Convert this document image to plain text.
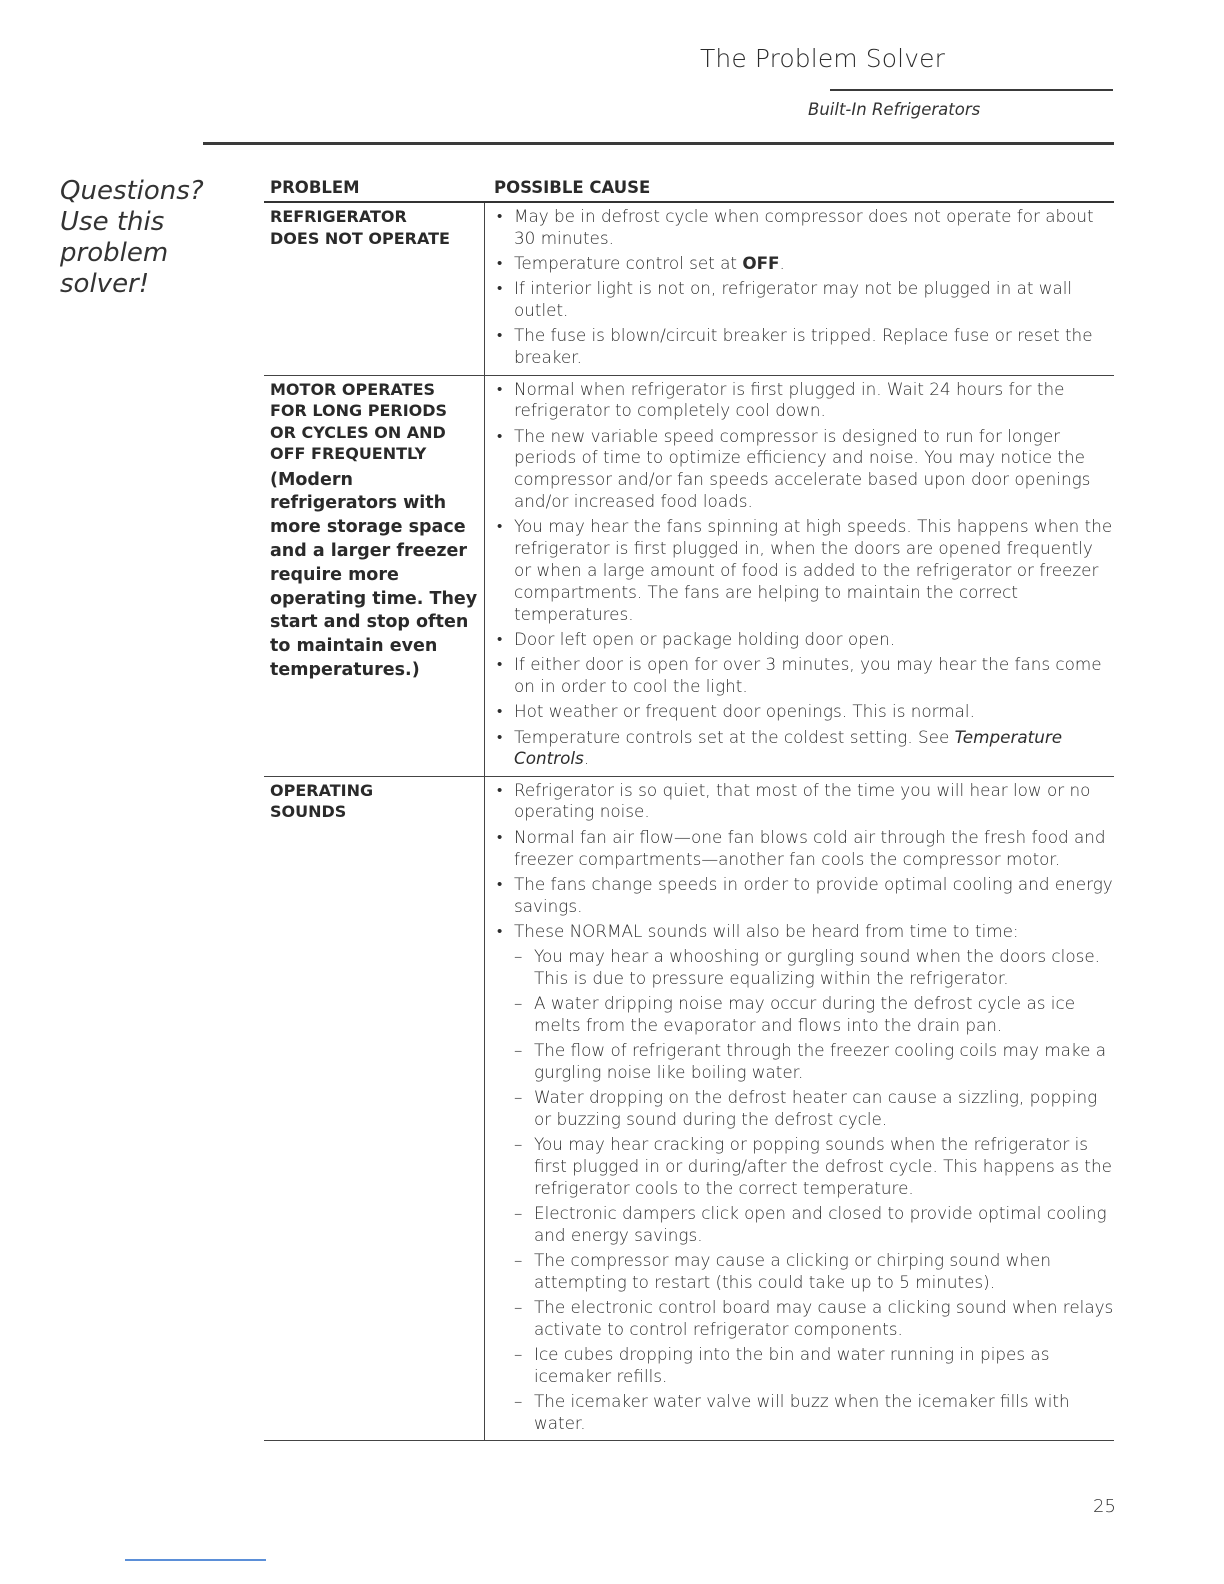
The Problem Solver
Built-In Refrigerators
Questions?
Use this
problem
solver!
PROBLEM	POSSIBLE CAUSE
REFRIGERATOR
DOES NOT OPERATE
• May be in defrost cycle when compressor does not operate for about 30 minutes.
• Temperature control set at OFF.
• If interior light is not on, refrigerator may not be plugged in at wall outlet.
• The fuse is blown/circuit breaker is tripped. Replace fuse or reset the breaker.
MOTOR OPERATES
FOR LONG PERIODS
OR CYCLES ON AND
OFF FREQUENTLY
(Modern refrigerators with more storage space and a larger freezer require more operating time. They start and stop often to maintain even temperatures.)
• Normal when refrigerator is first plugged in. Wait 24 hours for the refrigerator to completely cool down.
• The new variable speed compressor is designed to run for longer periods of time to optimize efficiency and noise. You may notice the compressor and/or fan speeds accelerate based upon door openings and/or increased food loads.
• You may hear the fans spinning at high speeds. This happens when the refrigerator is first plugged in, when the doors are opened frequently or when a large amount of food is added to the refrigerator or freezer compartments. The fans are helping to maintain the correct temperatures.
• Door left open or package holding door open.
• If either door is open for over 3 minutes, you may hear the fans come on in order to cool the light.
• Hot weather or frequent door openings. This is normal.
• Temperature controls set at the coldest setting. See Temperature Controls.
OPERATING
SOUNDS
• Refrigerator is so quiet, that most of the time you will hear low or no operating noise.
• Normal fan air flow—one fan blows cold air through the fresh food and freezer compartments—another fan cools the compressor motor.
• The fans change speeds in order to provide optimal cooling and energy savings.
• These NORMAL sounds will also be heard from time to time:
– You may hear a whooshing or gurgling sound when the doors close. This is due to pressure equalizing within the refrigerator.
– A water dripping noise may occur during the defrost cycle as ice melts from the evaporator and flows into the drain pan.
– The flow of refrigerant through the freezer cooling coils may make a gurgling noise like boiling water.
– Water dropping on the defrost heater can cause a sizzling, popping or buzzing sound during the defrost cycle.
– You may hear cracking or popping sounds when the refrigerator is first plugged in or during/after the defrost cycle. This happens as the refrigerator cools to the correct temperature.
– Electronic dampers click open and closed to provide optimal cooling and energy savings.
– The compressor may cause a clicking or chirping sound when attempting to restart (this could take up to 5 minutes).
– The electronic control board may cause a clicking sound when relays activate to control refrigerator components.
– Ice cubes dropping into the bin and water running in pipes as icemaker refills.
– The icemaker water valve will buzz when the icemaker fills with water.
25
